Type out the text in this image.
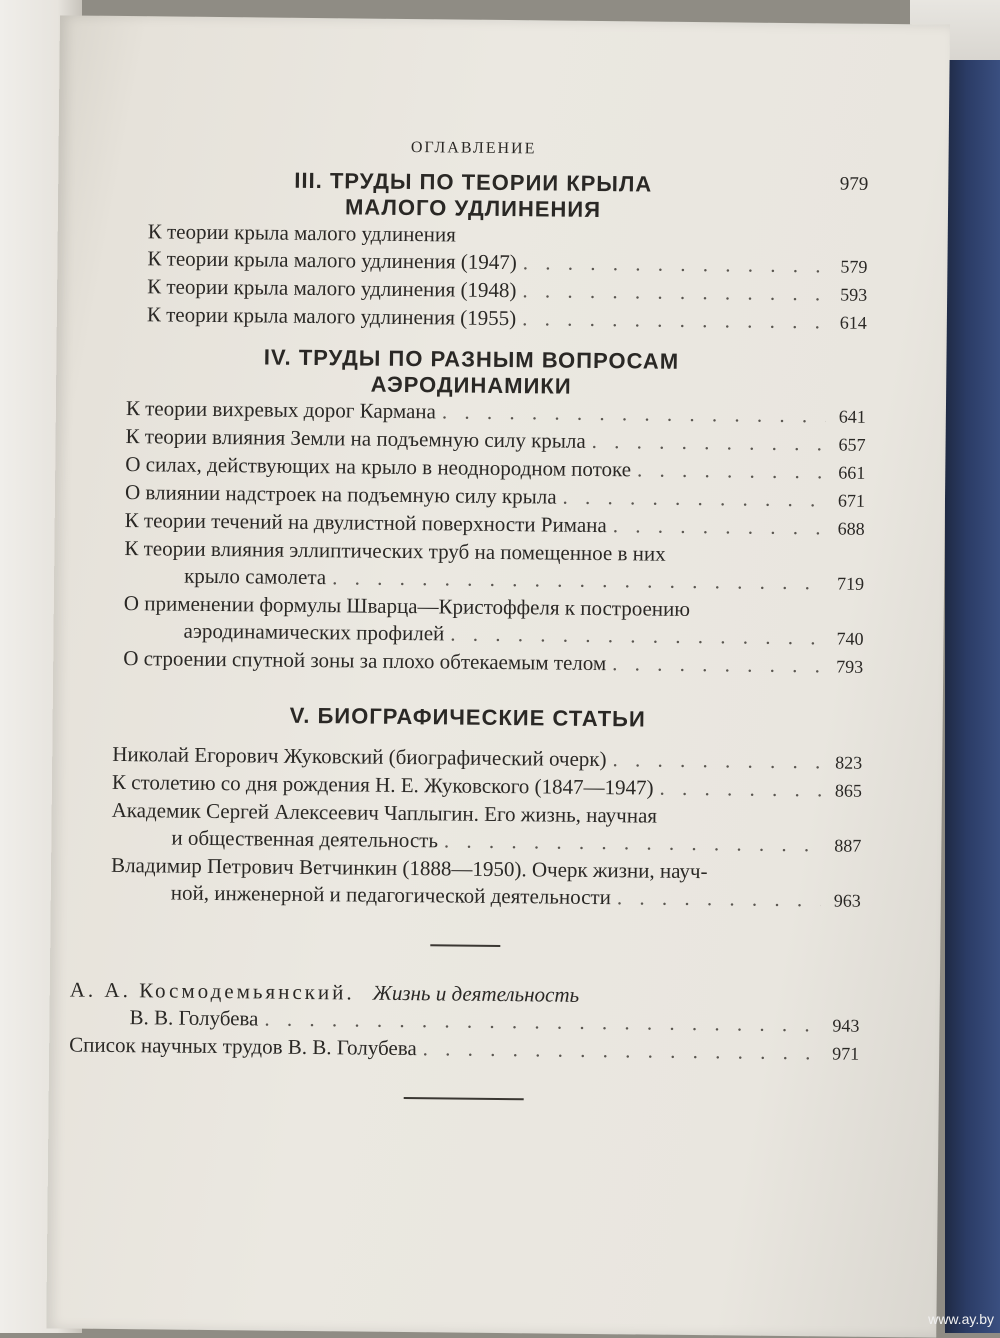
ОГЛАВЛЕНИЕ

III. ТРУДЫ ПО ТЕОРИИ КРЫЛА	979

МАЛОГО УДЛИНЕНИЯ

К теории крыла малого удлинения
К теории крыла малого удлинения (1947) . . .	579
К теории крыла малого удлинения (1948) . . .	593
К теории крыла малого удлинения (1955) . . .	614

IV. ТРУДЫ ПО РАЗНЫМ ВОПРОСАМ

АЭРОДИНАМИКИ

К теории вихревых дорог Кармана . . .	641
К теории влияния Земли на подъемную силу крыла . . .	657
О силах, действующих на крыло в неоднородном потоке . . .	661
О влиянии надстроек на подъемную силу крыла . . .	671
К теории течений на двулистной поверхности Римана . . .	688
К теории влияния эллиптических труб на помещенное в них
крыло самолета . . .	719
О применении формулы Шварца—Кристоффеля к построению
аэродинамических профилей . . .	740
О строении спутной зоны за плохо обтекаемым телом . . .	793

V. БИОГРАФИЧЕСКИЕ СТАТЬИ

Николай Егорович Жуковский (биографический очерк) . . .	823
К столетию со дня рождения Н. Е. Жуковского (1847—1947) . . .	865
Академик Сергей Алексеевич Чаплыгин. Его жизнь, научная
и общественная деятельность . . .	887
Владимир Петрович Ветчинкин (1888—1950). Очерк жизни, науч-
ной, инженерной и педагогической деятельности . . .	963
А. А. Космодемьянский. Жизнь и деятельность
В. В. Голубева . . .	943
Список научных трудов В. В. Голубева . . .	971
www.ay.by
